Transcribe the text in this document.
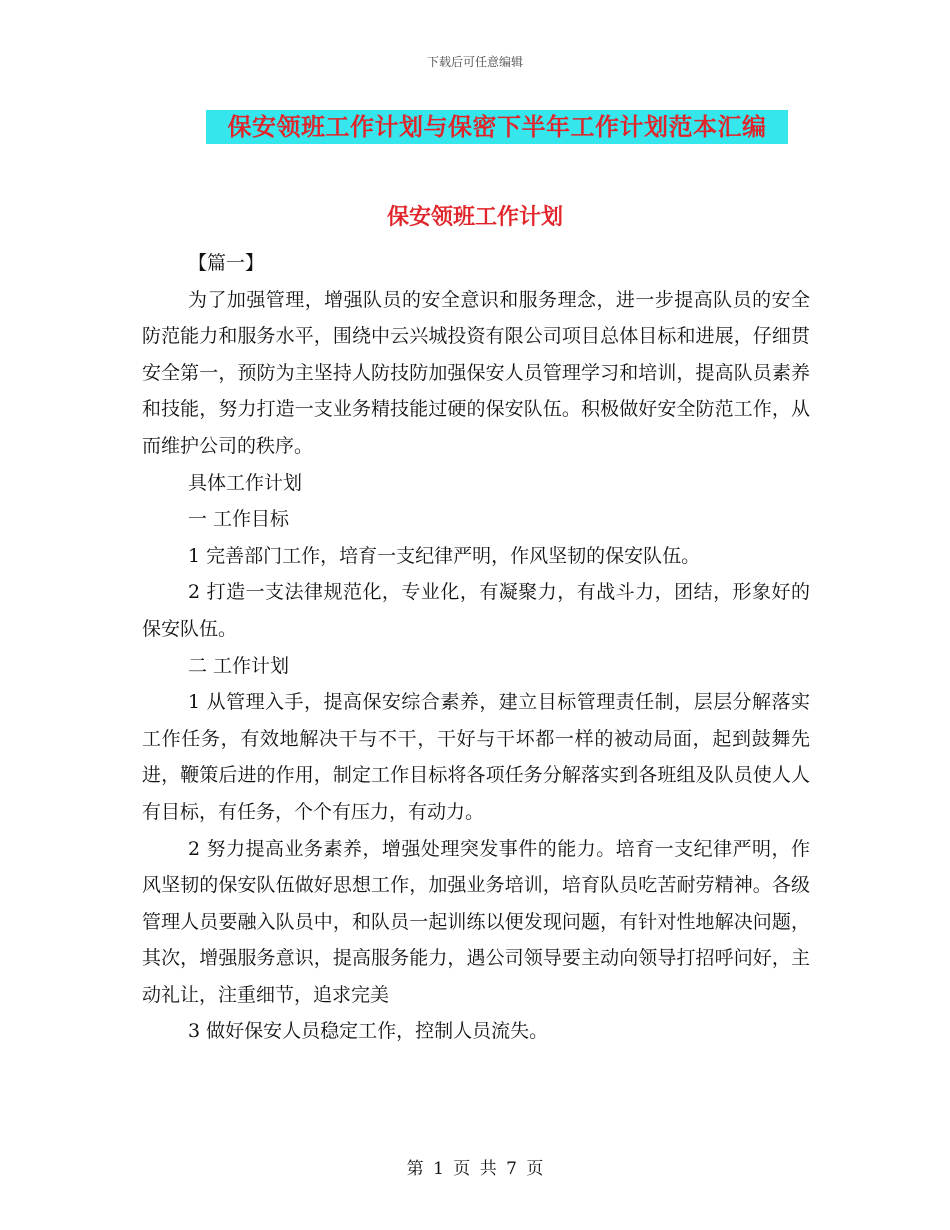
下载后可任意编辑
保安领班工作计划与保密下半年工作计划范本汇编
保安领班工作计划

【篇一】

为了加强管理，增强队员的安全意识和服务理念，进一步提高队员的安全防范能力和服务水平，围绕中云兴城投资有限公司项目总体目标和进展，仔细贯安全第一，预防为主坚持人防技防加强保安人员管理学习和培训，提高队员素养和技能，努力打造一支业务精技能过硬的保安队伍。积极做好安全防范工作，从而维护公司的秩序。

具体工作计划

一 工作目标

1 完善部门工作，培育一支纪律严明，作风坚韧的保安队伍。

2 打造一支法律规范化，专业化，有凝聚力，有战斗力，团结，形象好的保安队伍。

二 工作计划

1 从管理入手，提高保安综合素养，建立目标管理责任制，层层分解落实工作任务，有效地解决干与不干，干好与干坏都一样的被动局面，起到鼓舞先进，鞭策后进的作用，制定工作目标将各项任务分解落实到各班组及队员使人人有目标，有任务，个个有压力，有动力。

2 努力提高业务素养，增强处理突发事件的能力。培育一支纪律严明，作风坚韧的保安队伍做好思想工作，加强业务培训，培育队员吃苦耐劳精神。各级管理人员要融入队员中，和队员一起训练以便发现问题，有针对性地解决问题，其次，增强服务意识，提高服务能力，遇公司领导要主动向领导打招呼问好，主动礼让，注重细节，追求完美

3 做好保安人员稳定工作，控制人员流失。

第 1 页 共 7 页
